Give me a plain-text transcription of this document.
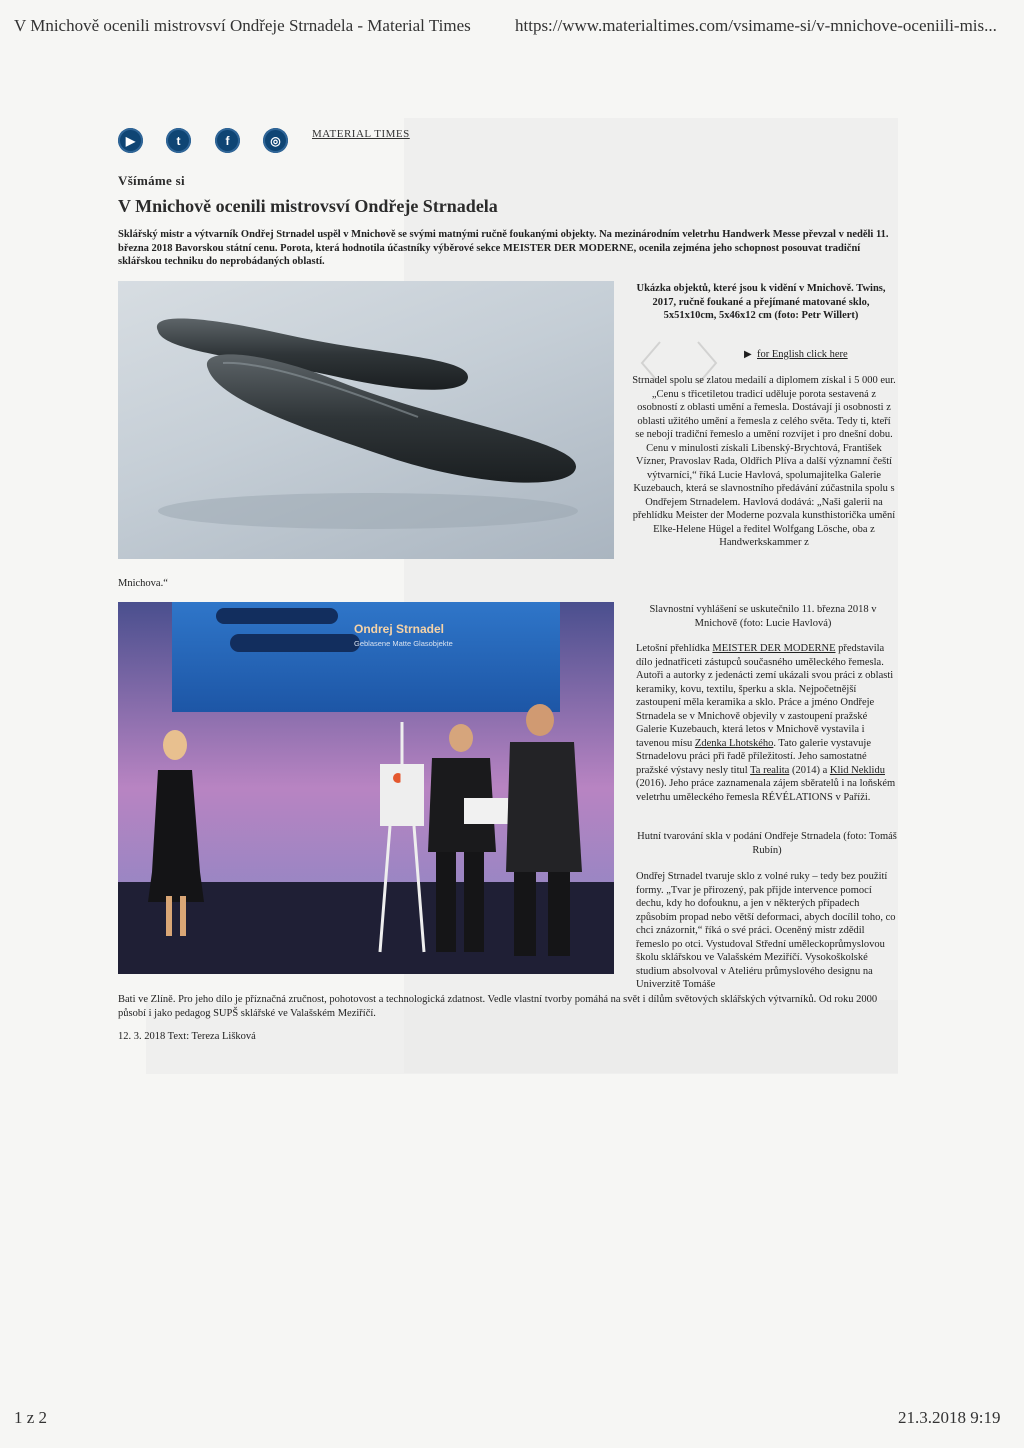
V Mnichově ocenili mistrovsví Ondřeje Strnadela - Material Times	https://www.materialtimes.com/vsimame-si/v-mnichove-oceniili-mis...
▶	t	f	◎	MATERIAL TIMES
Všímáme si
V Mnichově ocenili mistrovsví Ondřeje Strnadela
Sklářský mistr a výtvarník Ondřej Strnadel uspěl v Mnichově se svými matnými ručně foukanými objekty. Na mezinárodním veletrhu Handwerk Messe převzal v neděli 11. března 2018 Bavorskou státní cenu. Porota, která hodnotila účastníky výběrové sekce MEISTER DER MODERNE, ocenila zejména jeho schopnost posouvat tradiční sklářskou techniku do neprobádaných oblastí.
Ukázka objektů, které jsou k vidění v Mnichově. Twins, 2017, ručně foukané a přejímané matované sklo, 5x51x10cm, 5x46x12 cm (foto: Petr Willert)
▶ for English click here
Strnadel spolu se zlatou medailí a diplomem získal i 5 000 eur. „Cenu s třicetiletou tradicí uděluje porota sestavená z osobností z oblasti umění a řemesla. Dostávají ji osobnosti z oblasti užitého umění a řemesla z celého světa. Tedy ti, kteří se nebojí tradiční řemeslo a umění rozvíjet i pro dnešní dobu. Cenu v minulosti získali Libenský-Brychtová, František Vízner, Pravoslav Rada, Oldřich Plíva a další významní čeští výtvarníci,“ říká Lucie Havlová, spolumajitelka Galerie Kuzebauch, která se slavnostního předávání zúčastnila spolu s Ondřejem Strnadelem. Havlová dodává: „Naši galerii na přehlídku Meister der Moderne pozvala kunsthistorička umění Elke-Helene Hügel a ředitel Wolfgang Lösche, oba z Handwerkskammer z
Mnichova.“
Ondrej Strnadel
Geblasene Matte Glasobjekte
Slavnostní vyhlášení se uskutečnilo 11. března 2018 v Mnichově (foto: Lucie Havlová)
Letošní přehlídka MEISTER DER MODERNE představila dílo jednatřiceti zástupců současného uměleckého řemesla. Autoři a autorky z jedenácti zemí ukázali svou práci z oblasti keramiky, kovu, textilu, šperku a skla. Nejpočetnější zastoupení měla keramika a sklo. Práce a jméno Ondřeje Strnadela se v Mnichově objevily v zastoupení pražské Galerie Kuzebauch, která letos v Mnichově vystavila i tavenou mísu Zdenka Lhotského. Tato galerie vystavuje Strnadelovu práci při řadě příležitostí. Jeho samostatné pražské výstavy nesly titul Ta realita (2014) a Klid Neklidu (2016). Jeho práce zaznamenala zájem sběratelů i na loňském veletrhu uměleckého řemesla RÉVÉLATIONS v Paříži.
Hutní tvarování skla v podání Ondřeje Strnadela (foto: Tomáš Rubín)
Ondřej Strnadel tvaruje sklo z volné ruky – tedy bez použití formy. „Tvar je přirozený, pak přijde intervence pomocí dechu, kdy ho dofouknu, a jen v některých případech způsobím propad nebo větší deformaci, abych docílil toho, co chci znázornit,“ říká o své práci. Oceněný mistr zdědil řemeslo po otci. Vystudoval Střední uměleckoprůmyslovou školu sklářskou ve Valašském Meziříčí. Vysokoškolské studium absolvoval v Ateliéru průmyslového designu na Univerzitě Tomáše
Bati ve Zlíně. Pro jeho dílo je příznačná zručnost, pohotovost a technologická zdatnost. Vedle vlastní tvorby pomáhá na svět i dílům světových sklářských výtvarníků. Od roku 2000 působí i jako pedagog SUPŠ sklářské ve Valašském Meziříčí.
12. 3. 2018 Text: Tereza Lišková
1 z 2	21.3.2018 9:19
